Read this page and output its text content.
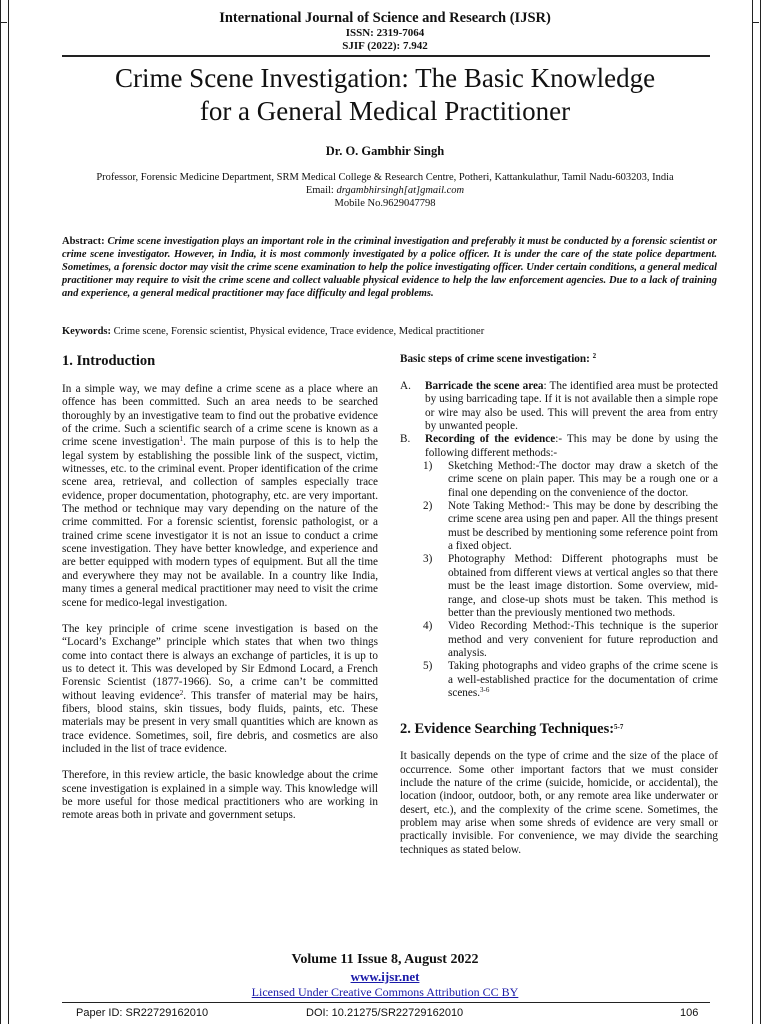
International Journal of Science and Research (IJSR)
ISSN: 2319-7064
SJIF (2022): 7.942
Crime Scene Investigation: The Basic Knowledge
for a General Medical Practitioner
Dr. O. Gambhir Singh
Professor, Forensic Medicine Department, SRM Medical College & Research Centre, Potheri, Kattankulathur, Tamil Nadu-603203, India
Email: drgambhirsingh[at]gmail.com
Mobile No.9629047798
Abstract: Crime scene investigation plays an important role in the criminal investigation and preferably it must be conducted by a forensic scientist or crime scene investigator. However, in India, it is most commonly investigated by a police officer. It is under the care of the state police department. Sometimes, a forensic doctor may visit the crime scene examination to help the police investigating officer. Under certain conditions, a general medical practitioner may require to visit the crime scene and collect valuable physical evidence to help the law enforcement agencies. Due to a lack of training and experience, a general medical practitioner may face difficulty and legal problems.
Keywords: Crime scene, Forensic scientist, Physical evidence, Trace evidence, Medical practitioner
1. Introduction

In a simple way, we may define a crime scene as a place where an offence has been committed. Such an area needs to be searched thoroughly by an investigative team to find out the probative evidence of the crime. Such a scientific search of a crime scene is known as a crime scene investigation$^1$. The main purpose of this is to help the legal system by establishing the possible link of the suspect, victim, witnesses, etc. to the criminal event. Proper identification of the crime scene area, retrieval, and collection of samples especially trace evidence, proper documentation, photography, etc. are very important. The method or technique may vary depending on the nature of the crime committed. For a forensic scientist, forensic pathologist, or a trained crime scene investigator it is not an issue to conduct a crime scene investigation. They have better knowledge, and experience and are better equipped with modern types of equipment. But all the time and everywhere they may not be available. In a country like India, many times a general medical practitioner may need to visit the crime scene for medico-legal investigation.

The key principle of crime scene investigation is based on the “Locard’s Exchange” principle which states that when two things come into contact there is always an exchange of particles, it is up to us to detect it. This was developed by Sir Edmond Locard, a French Forensic Scientist (1877-1966). So, a crime can’t be committed without leaving evidence$^2$. This transfer of material may be hairs, fibers, blood stains, skin tissues, body fluids, paints, etc. These materials may be present in very small quantities which are known as trace evidence. Sometimes, soil, fire debris, and cosmetics are also included in the list of trace evidence.

Therefore, in this review article, the basic knowledge about the crime scene investigation is explained in a simple way. This knowledge will be more useful for those medical practitioners who are working in remote areas both in private and government setups.

Basic steps of crime scene investigation: $^2$
A. Barricade the scene area: The identified area must be protected by using barricading tape. If it is not available then a simple rope or wire may also be used. This will prevent the area from entry by unwanted people.
B. Recording of the evidence:- This may be done by using the following different methods:-
1) Sketching Method:-The doctor may draw a sketch of the crime scene on plain paper. This may be a rough one or a final one depending on the convenience of the doctor.
2) Note Taking Method:- This may be done by describing the crime scene area using pen and paper. All the things present must be described by mentioning some reference point from a fixed object.
3) Photography Method: Different photographs must be obtained from different views at vertical angles so that there must be the least image distortion. Some overview, mid-range, and close-up shots must be taken. This method is better than the previously mentioned two methods.
4) Video Recording Method:-This technique is the superior method and very convenient for future reproduction and analysis.
5) Taking photographs and video graphs of the crime scene is a well-established practice for the documentation of crime scenes.$^{3-6}$
2. Evidence Searching Techniques:$^{5-7}$

It basically depends on the type of crime and the size of the place of occurrence. Some other important factors that we must consider include the nature of the crime (suicide, homicide, or accidental), the location (indoor, outdoor, both, or any remote area like underwater or desert, etc.), and the complexity of the crime scene. Sometimes, the problem may arise when some shreds of evidence are very small or practically invisible. For convenience, we may divide the searching techniques as stated below.

Volume 11 Issue 8, August 2022
www.ijsr.net
Licensed Under Creative Commons Attribution CC BY
Paper ID: SR22729162010	DOI: 10.21275/SR22729162010	106
